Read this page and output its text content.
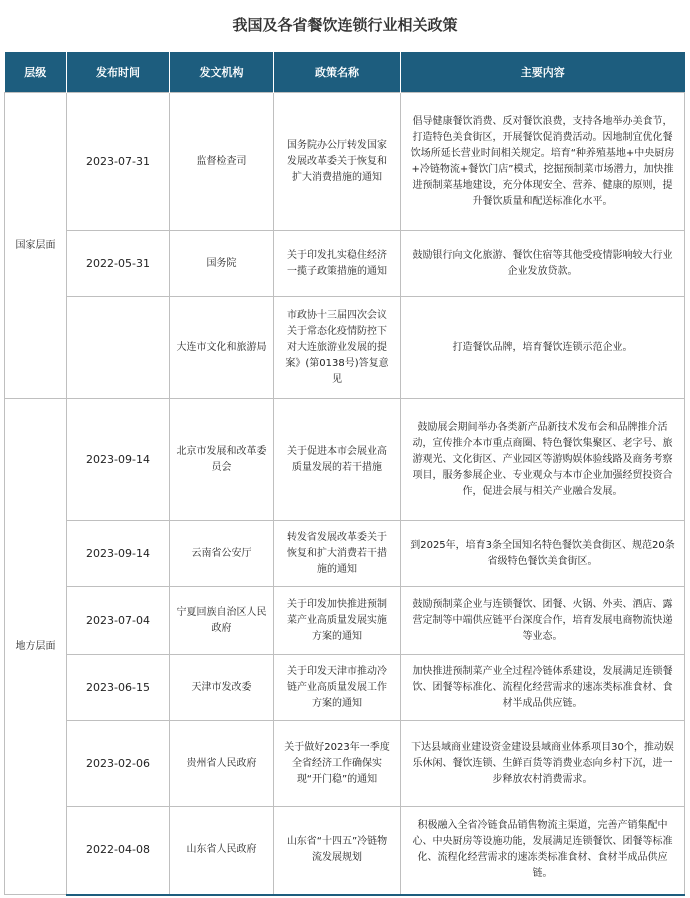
我国及各省餐饮连锁行业相关政策
层级	发布时间	发文机构	政策名称	主要内容
国家层面	2023-07-31	监督检查司	国务院办公厅转发国家发展改革委关于恢复和扩大消费措施的通知	倡导健康餐饮消费、反对餐饮浪费，支持各地举办美食节，打造特色美食街区，开展餐饮促消费活动。因地制宜优化餐饮场所延长营业时间相关规定。培育“种养殖基地+中央厨房+冷链物流+餐饮门店”模式，挖掘预制菜市场潜力，加快推进预制菜基地建设，充分体现安全、营养、健康的原则，提升餐饮质量和配送标准化水平。
	2022-05-31	国务院	关于印发扎实稳住经济一揽子政策措施的通知	鼓励银行向文化旅游、餐饮住宿等其他受疫情影响较大行业企业发放贷款。
		大连市文化和旅游局	市政协十三届四次会议关于常态化疫情防控下对大连旅游业发展的提案》(第0138号)答复意见	打造餐饮品牌，培育餐饮连锁示范企业。
地方层面	2023-09-14	北京市发展和改革委员会	关于促进本市会展业高质量发展的若干措施	鼓励展会期间举办各类新产品新技术发布会和品牌推介活动，宣传推介本市重点商圈、特色餐饮集聚区、老字号、旅游观光、文化街区、产业园区等游购娱体验线路及商务考察项目，服务参展企业、专业观众与本市企业加强经贸投资合作，促进会展与相关产业融合发展。
	2023-09-14	云南省公安厅	转发省发展改革委关于恢复和扩大消费若干措施的通知	到2025年，培育3条全国知名特色餐饮美食街区、规范20条省级特色餐饮美食街区。
	2023-07-04	宁夏回族自治区人民政府	关于印发加快推进预制菜产业高质量发展实施方案的通知	鼓励预制菜企业与连锁餐饮、团餐、火锅、外卖、酒店、露营定制等中端供应链平台深度合作，培育发展电商物流快递等业态。
	2023-06-15	天津市发改委	关于印发天津市推动冷链产业高质量发展工作方案的通知	加快推进预制菜产业全过程冷链体系建设，发展满足连锁餐饮、团餐等标准化、流程化经营需求的速冻类标准食材、食材半成品供应链。
	2023-02-06	贵州省人民政府	关于做好2023年一季度全省经济工作确保实现“开门稳”的通知	下达县域商业建设资金建设县域商业体系项目30个，推动娱乐休闲、餐饮连锁、生鲜百货等消费业态向乡村下沉，进一步释放农村消费需求。
	2022-04-08	山东省人民政府	山东省“十四五”冷链物流发展规划	积极融入全省冷链食品销售物流主渠道，完善产销集配中心、中央厨房等设施功能，发展满足连锁餐饮、团餐等标准化、流程化经营需求的速冻类标准食材、食材半成品供应链。
